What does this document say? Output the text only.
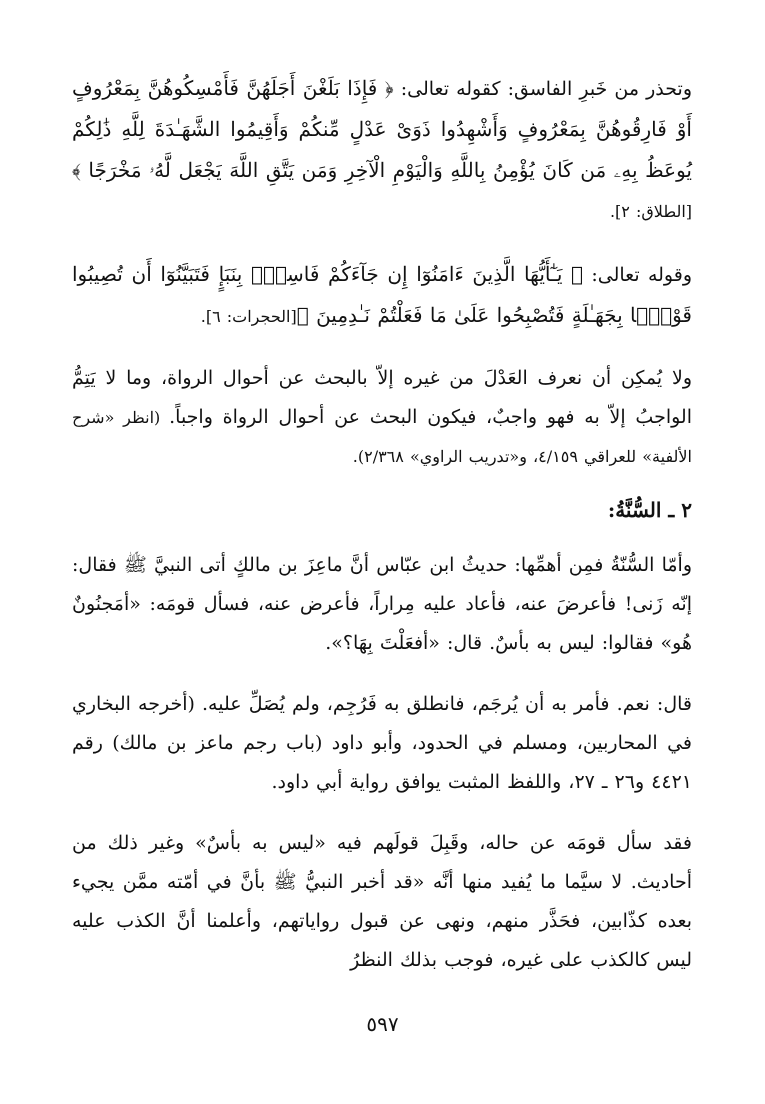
وتحذر من خَبرِ الفاسق: كقوله تعالى: ﴿ فَإِذَا بَلَغْنَ أَجَلَهُنَّ فَأَمْسِكُوهُنَّ بِمَعْرُوفٍ أَوْ فَارِقُوهُنَّ بِمَعْرُوفٍ وَأَشْهِدُوا ذَوَىْ عَدْلٍ مِّنكُمْ وَأَقِيمُوا الشَّهَـٰدَةَ لِلَّهِ ذَٰلِكُمْ يُوعَظُ بِهِۦ مَن كَانَ يُؤْمِنُ بِاللَّهِ وَالْيَوْمِ الْآخِرِ وَمَن يَتَّقِ اللَّهَ يَجْعَل لَّهُۥ مَخْرَجًا ﴾[الطلاق: ٢].

وقوله تعالى: ﴿ يَـٰٓأَيُّهَا الَّذِينَ ءَامَنُوٓا إِن جَآءَكُمْ فَاسِقٌۢ بِنَبَإٍ فَتَبَيَّنُوٓا أَن تُصِيبُوا قَوْمًۢا بِجَهَـٰلَةٍ فَتُصْبِحُوا عَلَىٰ مَا فَعَلْتُمْ نَـٰدِمِينَ ﴾[الحجرات: ٦].

ولا يُمكِن أن نعرف العَدْلَ من غيره إلاّ بالبحث عن أحوال الرواة، وما لا يَتِمُّ الواجبُ إلاّ به فهو واجبٌ، فيكون البحث عن أحوال الرواة واجباً. (انظر «شرح الألفية» للعراقي ٤/١٥٩، و«تدريب الراوي» ٢/٣٦٨).

٢ ـ السُّنَّةُ:

وأمّا السُّنّةُ فمِن أهمِّها: حديثُ ابن عبّاس أنَّ ماعِزَ بن مالكٍ أتى النبيَّ ﷺ فقال: إنّه زَنى! فأعرضَ عنه، فأعاد عليه مِراراً، فأعرض عنه، فسأل قومَه: «أمَجنُونٌ هُو» فقالوا: ليس به بأسٌ. قال: «أفعَلْتَ بِهَا؟».

قال: نعم. فأمر به أن يُرجَم، فانطلق به فَرُجِم، ولم يُصَلِّ عليه. (أخرجه البخاري في المحاربين، ومسلم في الحدود، وأبو داود (باب رجم ماعز بن مالك) رقم ٤٤٢١ و٢٦ ـ ٢٧، واللفظ المثبت يوافق رواية أبي داود.

فقد سأل قومَه عن حاله، وقَبِلَ قولَهم فيه «ليس به بأسٌ» وغير ذلك من أحاديث. لا سيَّما ما يُفيد منها أنَّه «قد أخبر النبيُّ ﷺ بأنَّ في أمّته ممَّن يجيء بعده كذّابين، فحَذَّر منهم، ونهى عن قبول رواياتهم، وأعلمنا أنَّ الكذب عليه ليس كالكذب على غيره، فوجب بذلك النظرُ

٥٩٧
